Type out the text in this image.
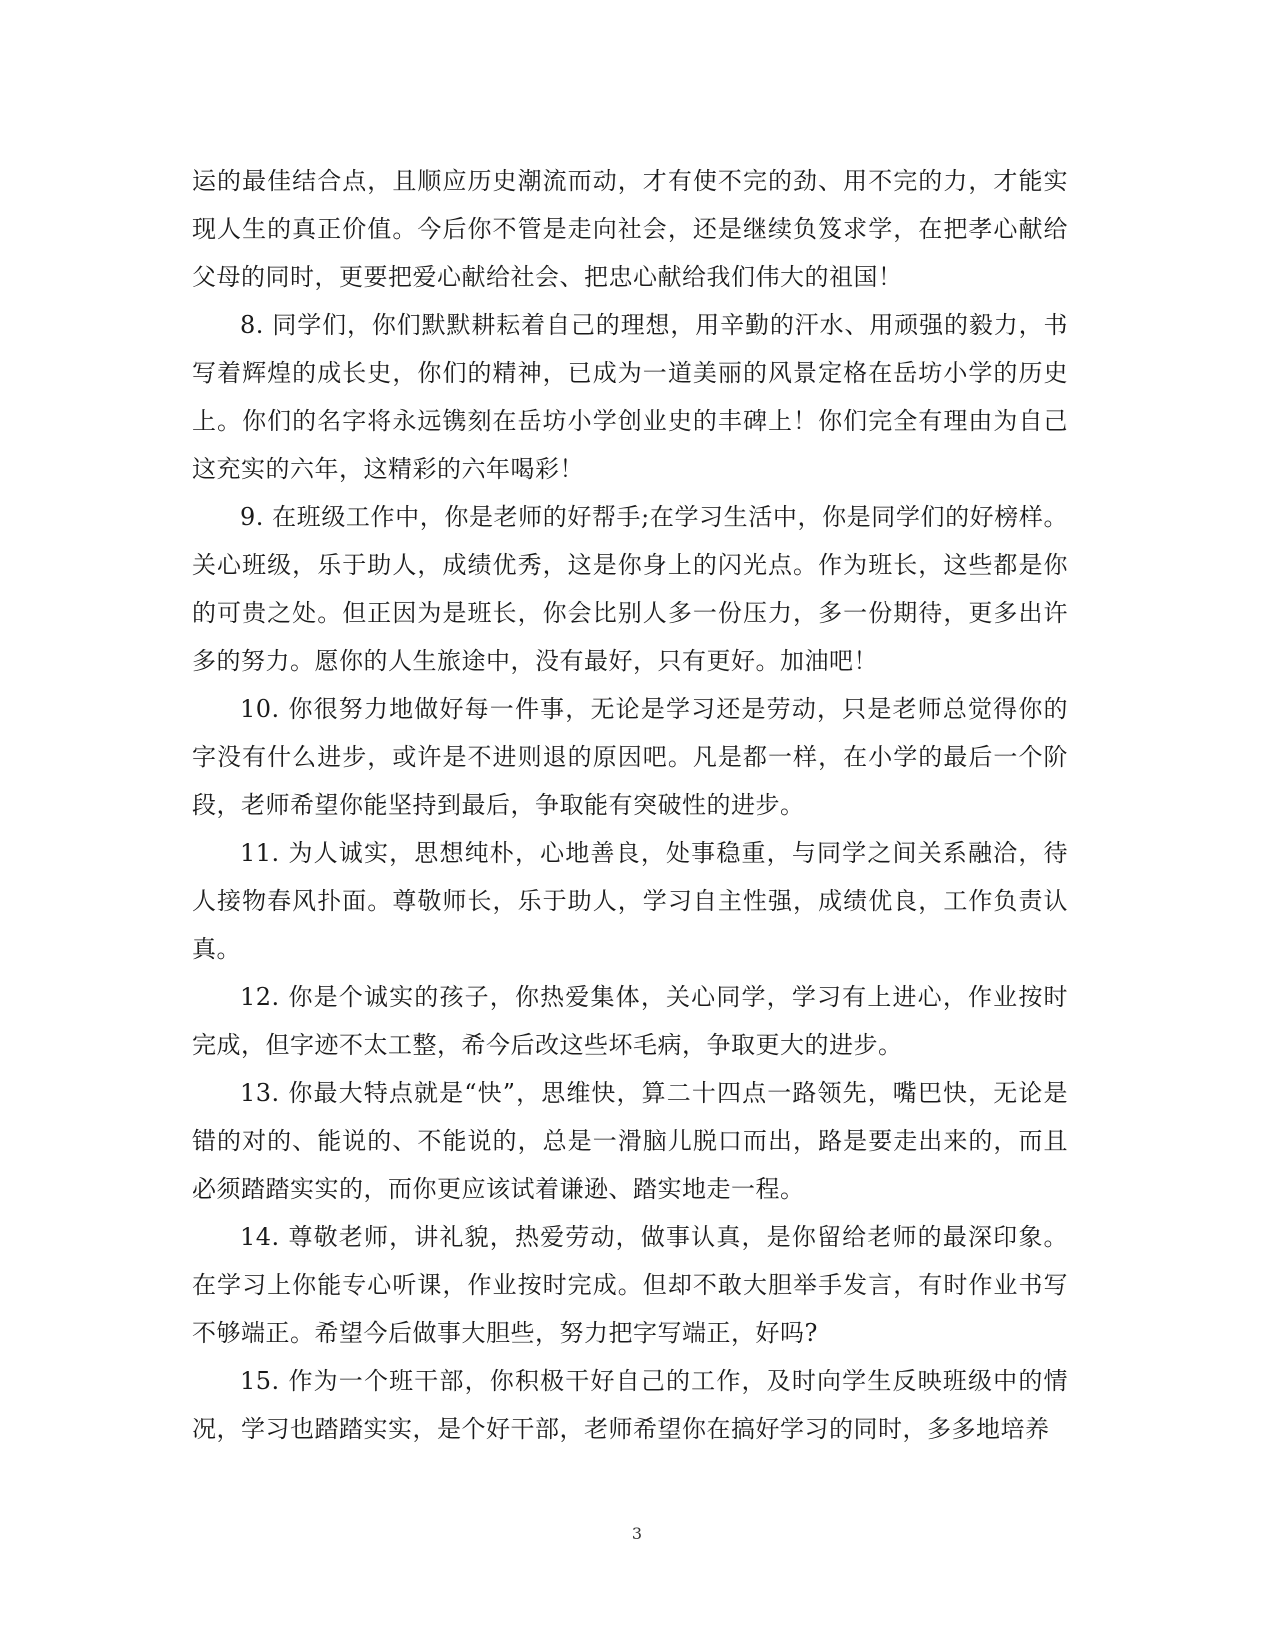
运的最佳结合点，且顺应历史潮流而动，才有使不完的劲、用不完的力，才能实现人生的真正价值。今后你不管是走向社会，还是继续负笈求学，在把孝心献给父母的同时，更要把爱心献给社会、把忠心献给我们伟大的祖国！

8. 同学们，你们默默耕耘着自己的理想，用辛勤的汗水、用顽强的毅力，书写着辉煌的成长史，你们的精神，已成为一道美丽的风景定格在岳坊小学的历史上。你们的名字将永远镌刻在岳坊小学创业史的丰碑上！你们完全有理由为自己这充实的六年，这精彩的六年喝彩！

9. 在班级工作中，你是老师的好帮手;在学习生活中，你是同学们的好榜样。关心班级，乐于助人，成绩优秀，这是你身上的闪光点。作为班长，这些都是你的可贵之处。但正因为是班长，你会比别人多一份压力，多一份期待，更多出许多的努力。愿你的人生旅途中，没有最好，只有更好。加油吧！

10. 你很努力地做好每一件事，无论是学习还是劳动，只是老师总觉得你的字没有什么进步，或许是不进则退的原因吧。凡是都一样，在小学的最后一个阶段，老师希望你能坚持到最后，争取能有突破性的进步。

11. 为人诚实，思想纯朴，心地善良，处事稳重，与同学之间关系融洽，待人接物春风扑面。尊敬师长，乐于助人，学习自主性强，成绩优良，工作负责认真。

12. 你是个诚实的孩子，你热爱集体，关心同学，学习有上进心，作业按时完成，但字迹不太工整，希今后改这些坏毛病，争取更大的进步。

13. 你最大特点就是“快”，思维快，算二十四点一路领先，嘴巴快，无论是错的对的、能说的、不能说的，总是一滑脑儿脱口而出，路是要走出来的，而且必须踏踏实实的，而你更应该试着谦逊、踏实地走一程。

14. 尊敬老师，讲礼貌，热爱劳动，做事认真，是你留给老师的最深印象。在学习上你能专心听课，作业按时完成。但却不敢大胆举手发言，有时作业书写不够端正。希望今后做事大胆些，努力把字写端正，好吗?

15. 作为一个班干部，你积极干好自己的工作，及时向学生反映班级中的情况，学习也踏踏实实，是个好干部，老师希望你在搞好学习的同时，多多地培养

3
